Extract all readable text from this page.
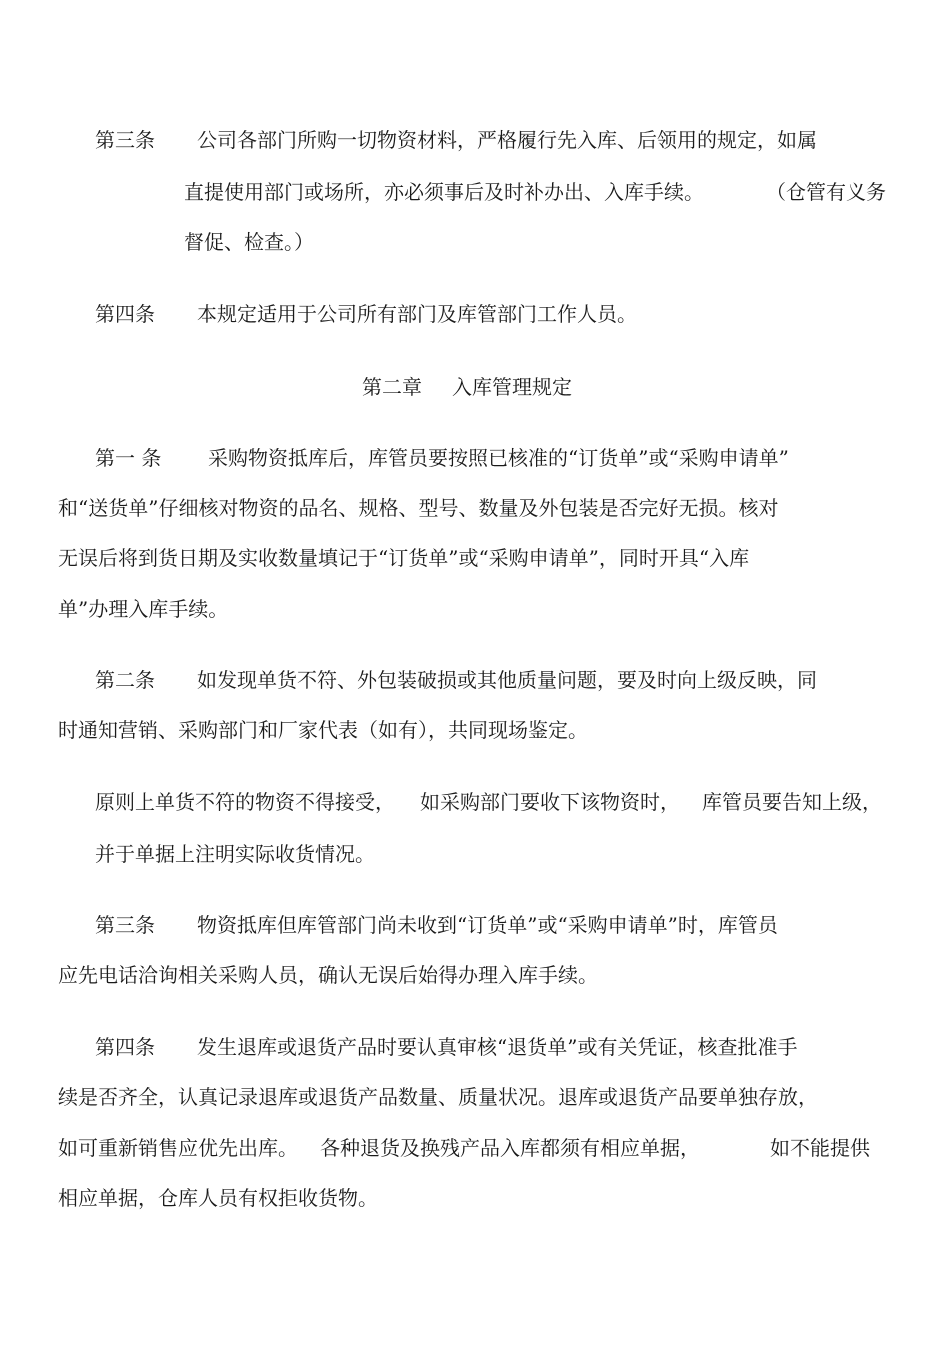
第三条 公司各部门所购一切物资材料，严格履行先入库、后领用的规定，如属
直提使用部门或场所，亦必须事后及时补办出、入库手续。	（仓管有义务
督促、检查。）
第四条 本规定适用于公司所有部门及库管部门工作人员。
第二章 入库管理规定
第一 条 采购物资抵库后，库管员要按照已核准的“订货单”或“采购申请单”
和“送货单”仔细核对物资的品名、规格、型号、数量及外包装是否完好无损。核对
无误后将到货日期及实收数量填记于“订货单”或“采购申请单”，同时开具“入库
单”办理入库手续。
第二条 如发现单货不符、外包装破损或其他质量问题，要及时向上级反映，同
时通知营销、采购部门和厂家代表（如有），共同现场鉴定。
原则上单货不符的物资不得接受， 如采购部门要收下该物资时， 库管员要告知上级，
并于单据上注明实际收货情况。
第三条 物资抵库但库管部门尚未收到“订货单”或“采购申请单”时，库管员
应先电话洽询相关采购人员，确认无误后始得办理入库手续。
第四条 发生退库或退货产品时要认真审核“退货单”或有关凭证，核查批准手
续是否齐全，认真记录退库或退货产品数量、质量状况。退库或退货产品要单独存放，
如可重新销售应优先出库。 各种退货及换残产品入库都须有相应单据，	如不能提供
相应单据，仓库人员有权拒收货物。
